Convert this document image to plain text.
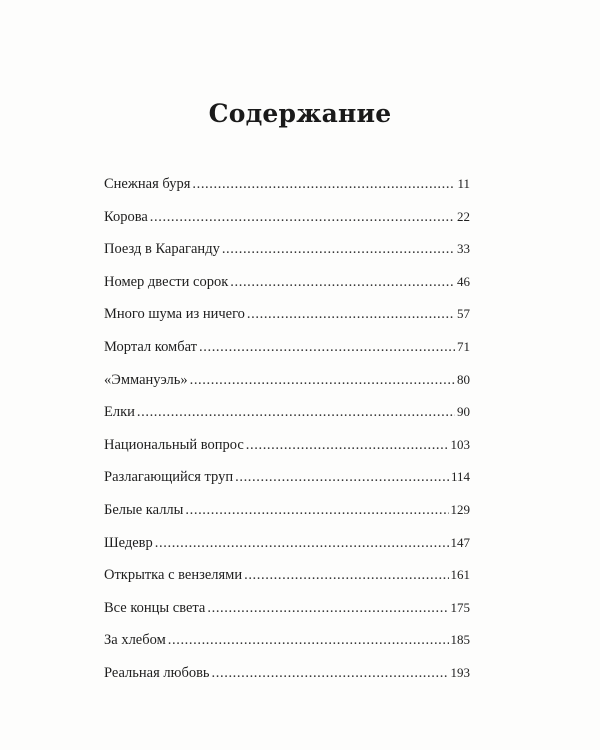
Содержание
Снежная буря .....	11
Корова .....	22
Поезд в Караганду .....	33
Номер двести сорок .....	46
Много шума из ничего .....	57
Мортал комбат .....	71
«Эммануэль» .....	80
Елки .....	90
Национальный вопрос .....	103
Разлагающийся труп .....	114
Белые каллы .....	129
Шедевр .....	147
Открытка с вензелями .....	161
Все концы света .....	175
За хлебом .....	185
Реальная любовь .....	193
